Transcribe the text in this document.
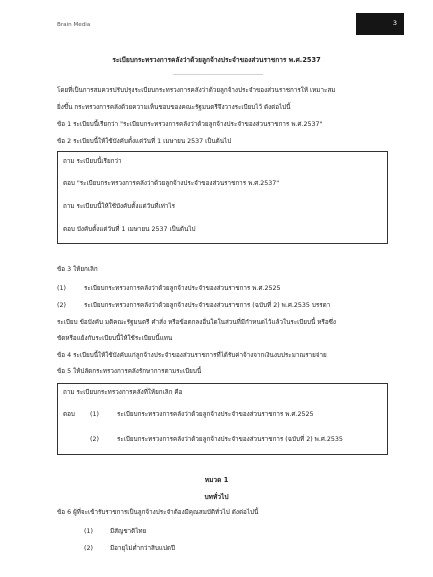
Brain Media	3
ระเบียบกระทรวงการคลังว่าด้วยลูกจ้างประจำของส่วนราชการ พ.ศ.2537
---------------------------------------------
โดยที่เป็นการสมควรปรับปรุงระเบียบกระทรวงการคลังว่าด้วยลูกจ้างประจำของส่วนราชการให้ เหมาะสม
ยิ่งขึ้น กระทรวงการคลังด้วยความเห็นชอบของคณะรัฐมนตรีจึงวางระเบียบไว้ ดังต่อไปนี้
ข้อ 1 ระเบียบนี้เรียกว่า "ระเบียบกระทรวงการคลังว่าด้วยลูกจ้างประจำของส่วนราชการ พ.ศ.2537"
ข้อ 2 ระเบียบนี้ให้ใช้บังคับตั้งแต่วันที่ 1 เมษายน 2537 เป็นต้นไป
ถาม ระเบียบนี้เรียกว่า
ตอบ "ระเบียบกระทรวงการคลังว่าด้วยลูกจ้างประจำของส่วนราชการ พ.ศ.2537"
ถาม ระเบียบนี้ให้ใช้บังคับตั้งแต่วันที่เท่าไร
ตอบ บังคับตั้งแต่วันที่ 1 เมษายน 2537 เป็นต้นไป
ข้อ 3 ให้ยกเลิก
(1)	ระเบียบกระทรวงการคลังว่าด้วยลูกจ้างประจำของส่วนราชการ พ.ศ.2525
(2)	ระเบียบกระทรวงการคลังว่าด้วยลูกจ้างประจำของส่วนราชการ (ฉบับที่ 2) พ.ศ.2535 บรรดา
ระเบียบ ข้อบังคับ มติคณะรัฐมนตรี คำสั่ง หรือข้อตกลงอื่นใดในส่วนที่มีกำหนดไว้แล้วในระเบียบนี้ หรือซึ่ง
ขัดหรือแย้งกับระเบียบนี้ให้ใช้ระเบียบนี้แทน
ข้อ 4 ระเบียบนี้ให้ใช้บังคับแก่ลูกจ้างประจำของส่วนราชการที่ได้รับค่าจ้างจากเงินงบประมาณรายจ่าย
ข้อ 5 ให้ปลัดกระทรวงการคลังรักษาการตามระเบียบนี้
ถาม ระเบียบกระทรวงการคลังที่ให้ยกเลิก คือ
ตอบ (1)	ระเบียบกระทรวงการคลังว่าด้วยลูกจ้างประจำของส่วนราชการ พ.ศ.2525
(2)	ระเบียบกระทรวงการคลังว่าด้วยลูกจ้างประจำของส่วนราชการ (ฉบับที่ 2) พ.ศ.2535
หมวด 1
บททั่วไป
ข้อ 6 ผู้ที่จะเข้ารับราชการเป็นลูกจ้างประจำต้องมีคุณสมบัติทั่วไป ดังต่อไปนี้
(1)	มีสัญชาติไทย
(2)	มีอายุไม่ต่ำกว่าสิบแปดปี
